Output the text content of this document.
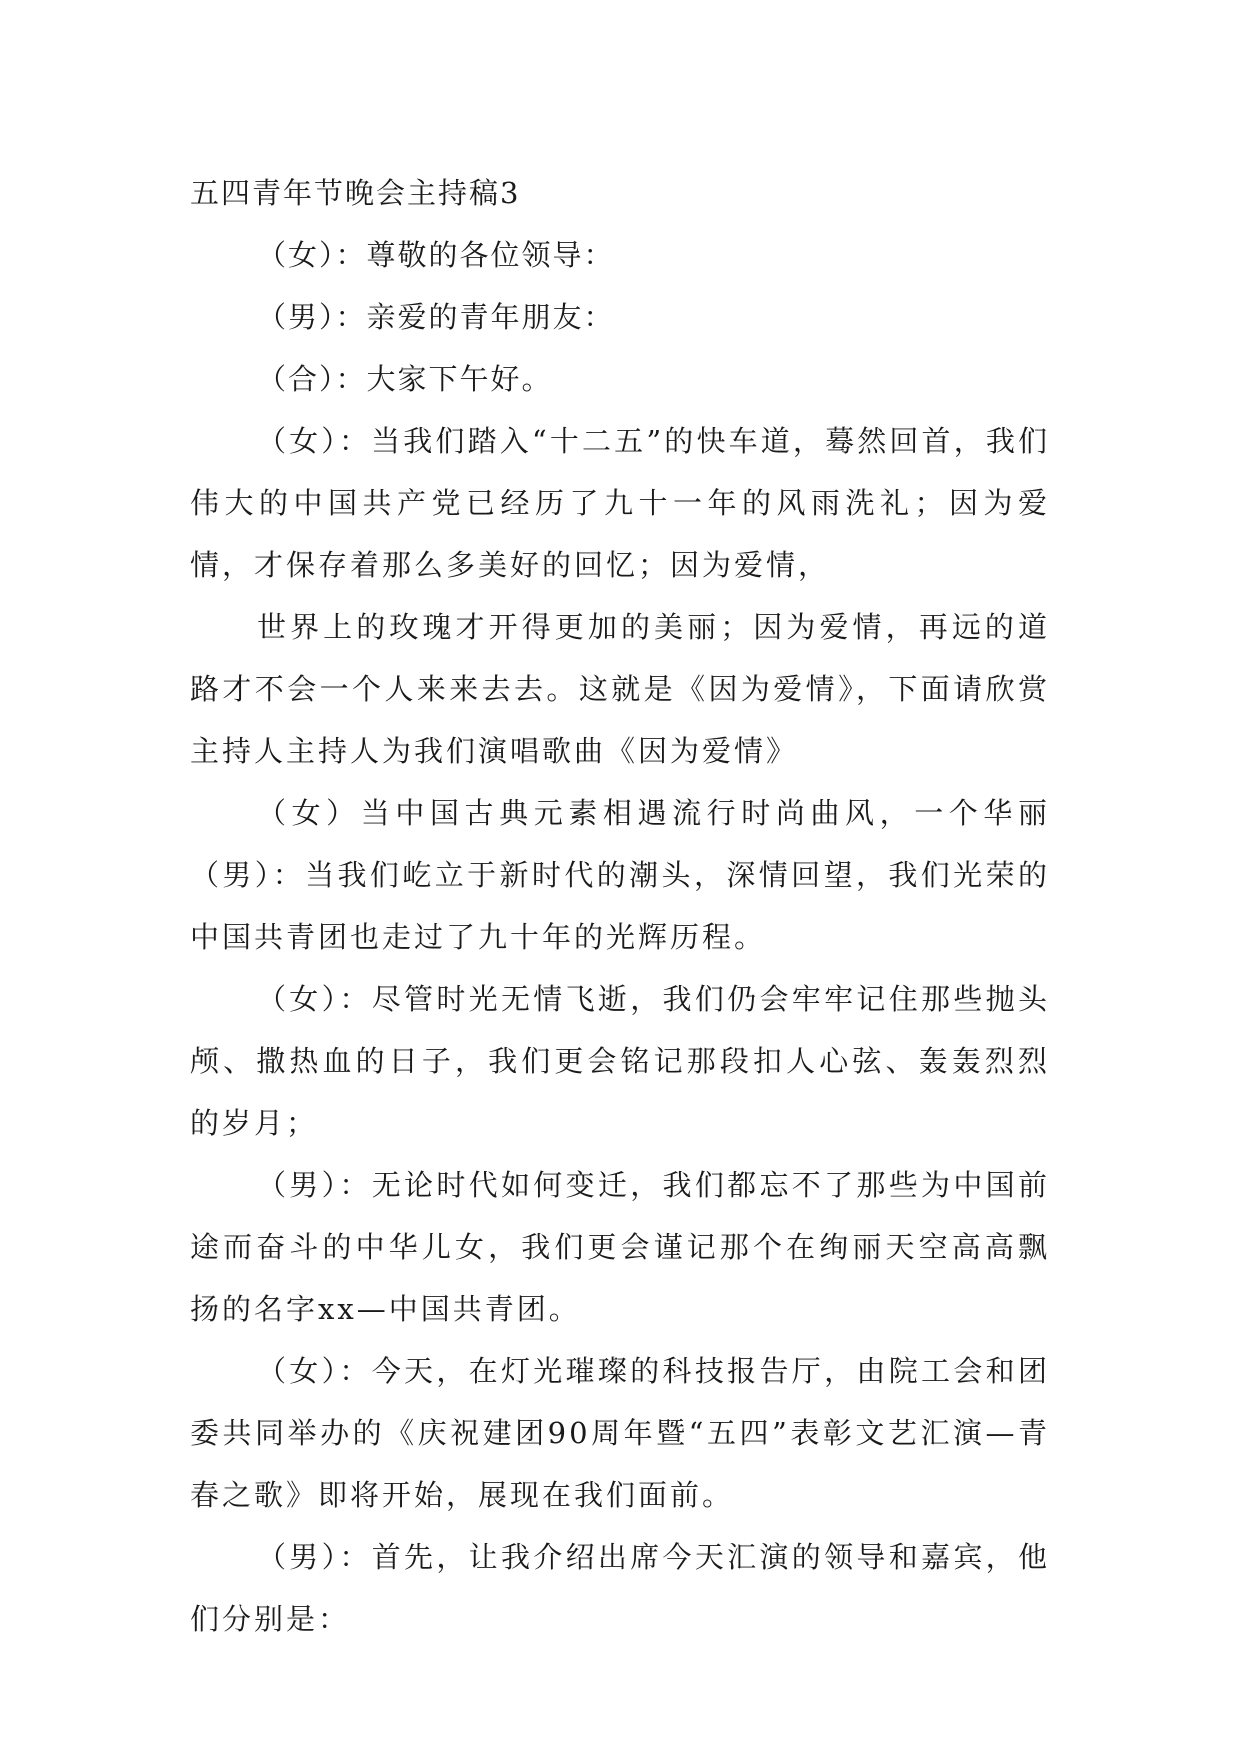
五四青年节晚会主持稿3

（女）：尊敬的各位领导：

（男）：亲爱的青年朋友：

（合）：大家下午好。

（女）：当我们踏入“十二五”的快车道，蓦然回首，我们伟大的中国共产党已经历了九十一年的风雨洗礼；因为爱情，才保存着那么多美好的回忆；因为爱情，

世界上的玫瑰才开得更加的美丽；因为爱情，再远的道路才不会一个人来来去去。这就是《因为爱情》，下面请欣赏主持人主持人为我们演唱歌曲《因为爱情》

（女）当中国古典元素相遇流行时尚曲风，一个华丽（男）：当我们屹立于新时代的潮头，深情回望，我们光荣的中国共青团也走过了九十年的光辉历程。

（女）：尽管时光无情飞逝，我们仍会牢牢记住那些抛头颅、撒热血的日子，我们更会铭记那段扣人心弦、轰轰烈烈的岁月；

（男）：无论时代如何变迁，我们都忘不了那些为中国前途而奋斗的中华儿女，我们更会谨记那个在绚丽天空高高飘扬的名字xx—中国共青团。

（女）：今天，在灯光璀璨的科技报告厅，由院工会和团委共同举办的《庆祝建团90周年暨“五四”表彰文艺汇演—青春之歌》即将开始，展现在我们面前。

（男）：首先，让我介绍出席今天汇演的领导和嘉宾，他们分别是：
